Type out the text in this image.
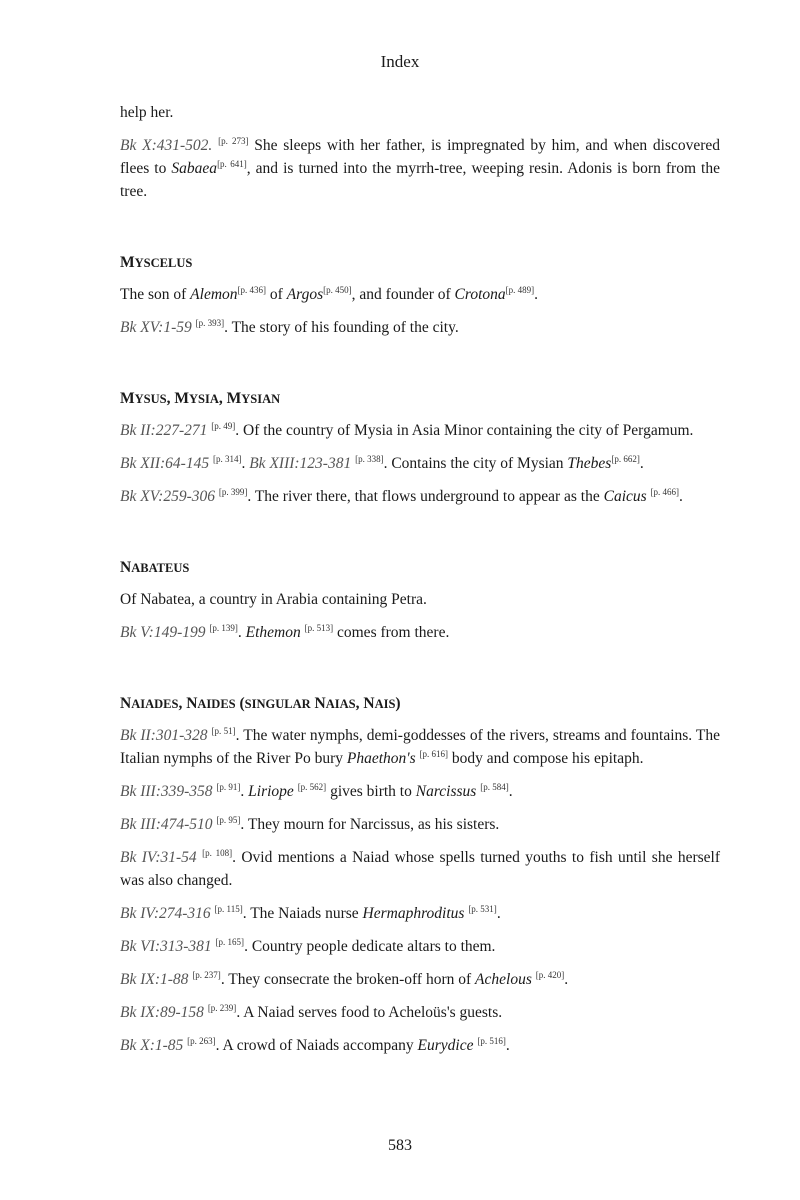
Index

help her.

Bk X:431-502. [p. 273] She sleeps with her father, is impregnated by him, and when discovered flees to Sabaea[p. 641], and is turned into the myrrh-tree, weeping resin. Adonis is born from the tree.

MYSCELUS

The son of Alemon[p. 436] of Argos[p. 450], and founder of Crotona[p. 489].

Bk XV:1-59 [p. 393]. The story of his founding of the city.

MYSUS, MYSIA, MYSIAN

Bk II:227-271 [p. 49]. Of the country of Mysia in Asia Minor containing the city of Pergamum.

Bk XII:64-145 [p. 314]. Bk XIII:123-381 [p. 338]. Contains the city of Mysian Thebes[p. 662].

Bk XV:259-306 [p. 399]. The river there, that flows underground to appear as the Caicus [p. 466].

NABATEUS

Of Nabatea, a country in Arabia containing Petra.

Bk V:149-199 [p. 139]. Ethemon [p. 513] comes from there.

NAIADES, NAIDES (SINGULAR NAIAS, NAIS)

Bk II:301-328 [p. 51]. The water nymphs, demi-goddesses of the rivers, streams and fountains. The Italian nymphs of the River Po bury Phaethon's [p. 616] body and compose his epitaph.

Bk III:339-358 [p. 91]. Liriope [p. 562] gives birth to Narcissus [p. 584].

Bk III:474-510 [p. 95]. They mourn for Narcissus, as his sisters.

Bk IV:31-54 [p. 108]. Ovid mentions a Naiad whose spells turned youths to fish until she herself was also changed.

Bk IV:274-316 [p. 115]. The Naiads nurse Hermaphroditus [p. 531].

Bk VI:313-381 [p. 165]. Country people dedicate altars to them.

Bk IX:1-88 [p. 237]. They consecrate the broken-off horn of Achelous [p. 420].

Bk IX:89-158 [p. 239]. A Naiad serves food to Acheloüs's guests.

Bk X:1-85 [p. 263]. A crowd of Naiads accompany Eurydice [p. 516].

583
